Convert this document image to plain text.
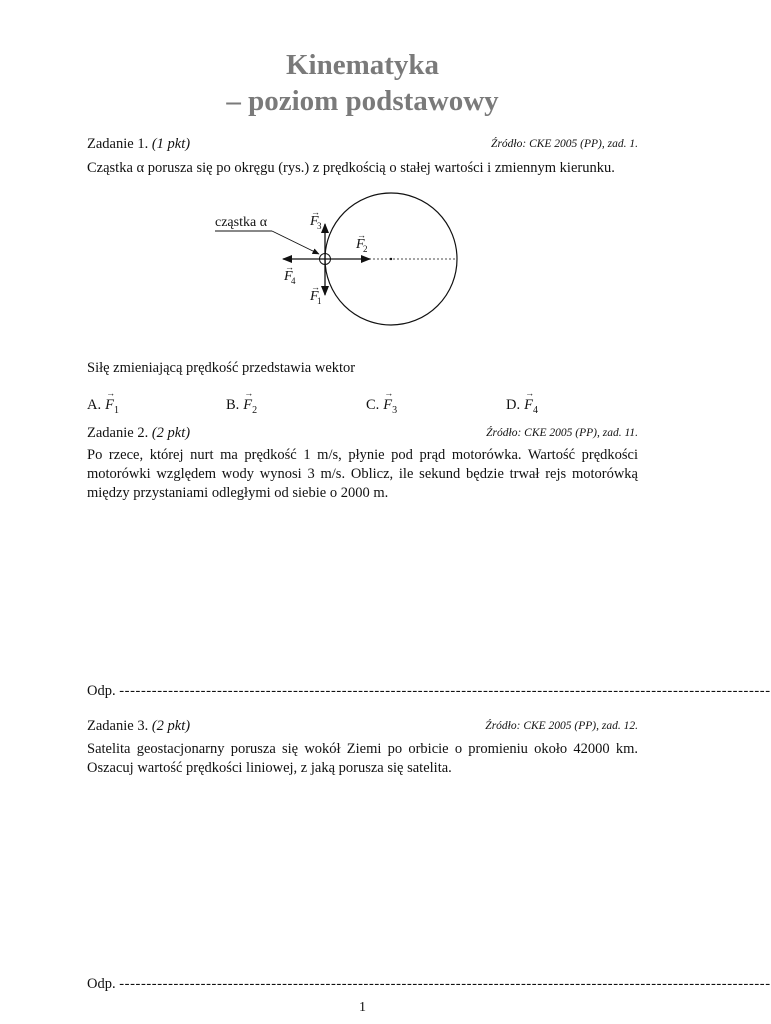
Kinematyka
– poziom podstawowy
Zadanie 1. (1 pkt)	Źródło: CKE 2005 (PP), zad. 1.
Cząstka α porusza się po okręgu (rys.) z prędkością o stałej wartości i zmiennym kierunku.
cząstka α	F
3
→
F
2
→
F
4
→
F
1
→
Siłę zmieniającą prędkość przedstawia wektor
A.
→
$F_1$	B.
→
$F_2$	C.
→
$F_3$	D.
→
$F_4$
Zadanie 2. (2 pkt)	Źródło: CKE 2005 (PP), zad. 11.
Po rzece, której nurt ma prędkość 1 m/s, płynie pod prąd motorówka. Wartość prędkości motorówki względem wody wynosi 3 m/s. Oblicz, ile sekund będzie trwał rejs motorówką między przystaniami odległymi od siebie o 2000 m.
Odp. ------------------------------------------------------------------------------------------------------------------------
Zadanie 3. (2 pkt)	Źródło: CKE 2005 (PP), zad. 12.
Satelita geostacjonarny porusza się wokół Ziemi po orbicie o promieniu około 42000 km. Oszacuj wartość prędkości liniowej, z jaką porusza się satelita.
Odp. ------------------------------------------------------------------------------------------------------------------------
1
